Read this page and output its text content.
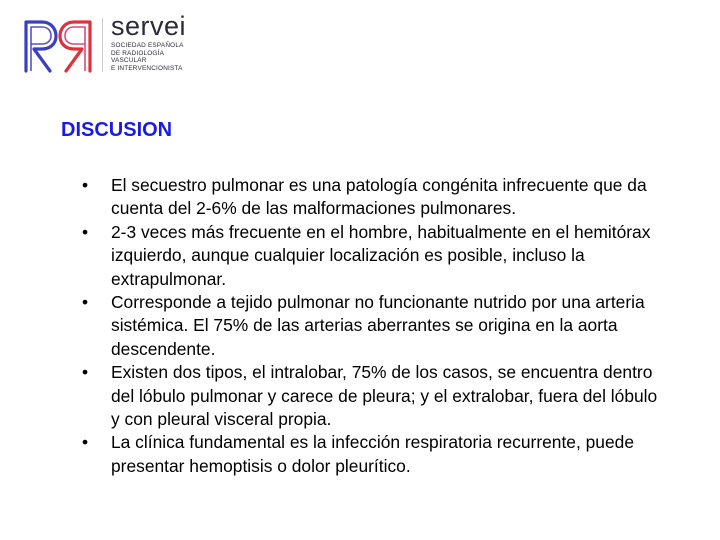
servei
SOCIEDAD ESPAÑOLA
DE RADIOLOGÍA
VASCULAR
E INTERVENCIONISTA
DISCUSION
• El secuestro pulmonar es una patología congénita infrecuente que da cuenta del 2-6% de las malformaciones pulmonares.
• 2-3 veces más frecuente en el hombre, habitualmente en el hemitórax izquierdo, aunque cualquier localización es posible, incluso la extrapulmonar.
• Corresponde a tejido pulmonar no funcionante nutrido por una arteria sistémica. El 75% de las arterias aberrantes se origina en la aorta descendente.
• Existen dos tipos, el intralobar, 75% de los casos, se encuentra dentro del lóbulo pulmonar y carece de pleura; y el extralobar, fuera del lóbulo y con pleural visceral propia.
• La clínica fundamental es la infección respiratoria recurrente, puede presentar hemoptisis o dolor pleurítico.
